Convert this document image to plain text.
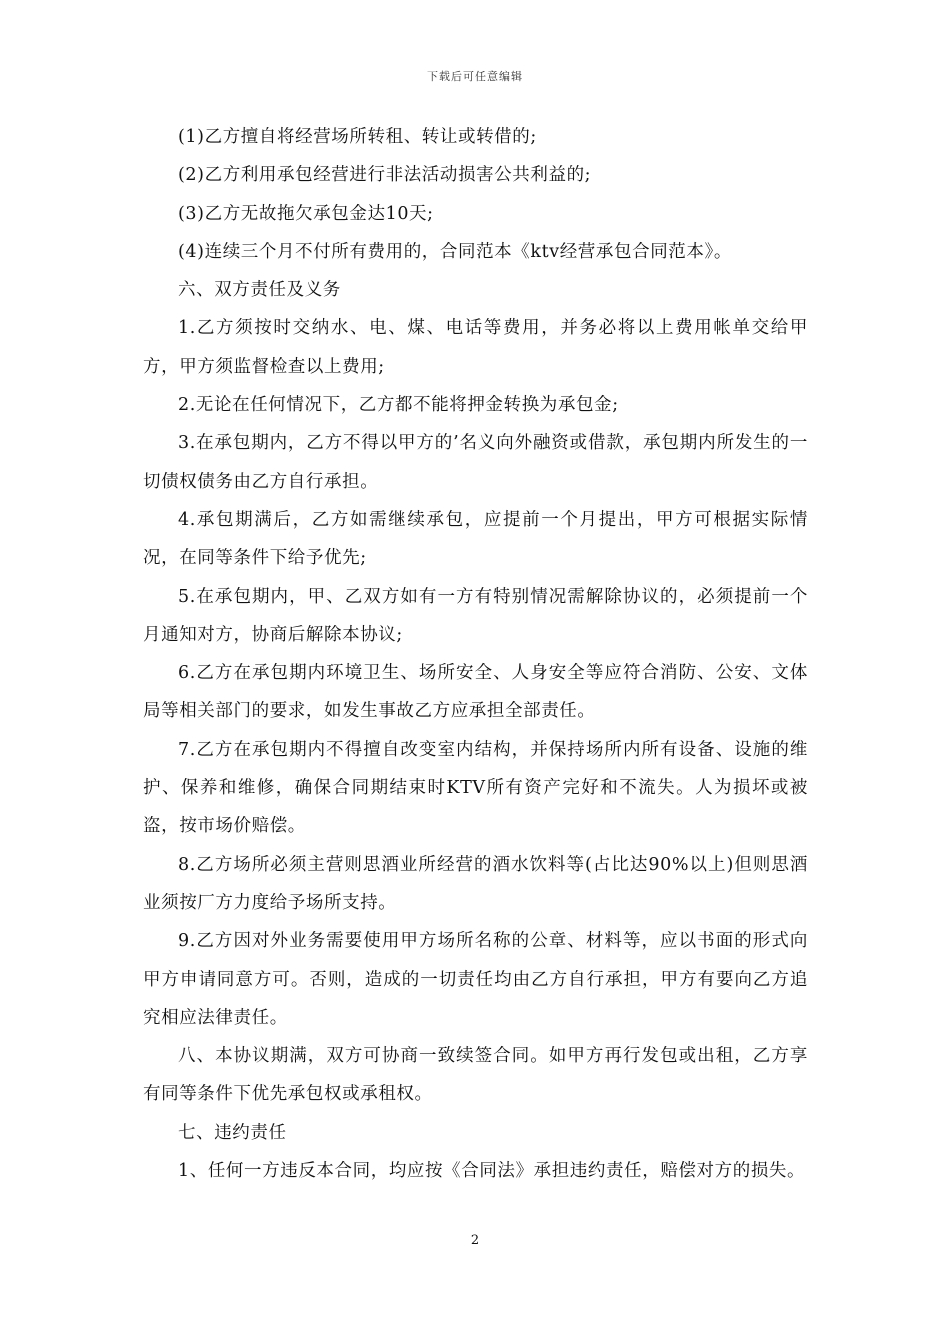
下载后可任意编辑

(1)乙方擅自将经营场所转租、转让或转借的;

(2)乙方利用承包经营进行非法活动损害公共利益的;

(3)乙方无故拖欠承包金达10天;

(4)连续三个月不付所有费用的，合同范本《ktv经营承包合同范本》。

六、双方责任及义务

1.乙方须按时交纳水、电、煤、电话等费用，并务必将以上费用帐单交给甲方，甲方须监督检查以上费用;

2.无论在任何情况下，乙方都不能将押金转换为承包金;

3.在承包期内，乙方不得以甲方的’名义向外融资或借款，承包期内所发生的一切债权债务由乙方自行承担。

4.承包期满后，乙方如需继续承包，应提前一个月提出，甲方可根据实际情况，在同等条件下给予优先;

5.在承包期内，甲、乙双方如有一方有特别情况需解除协议的，必须提前一个月通知对方，协商后解除本协议;

6.乙方在承包期内环境卫生、场所安全、人身安全等应符合消防、公安、文体局等相关部门的要求，如发生事故乙方应承担全部责任。

7.乙方在承包期内不得擅自改变室内结构，并保持场所内所有设备、设施的维护、保养和维修，确保合同期结束时KTV所有资产完好和不流失。人为损坏或被盗，按市场价赔偿。

8.乙方场所必须主营则思酒业所经营的酒水饮料等(占比达90%以上)但则思酒业须按厂方力度给予场所支持。

9.乙方因对外业务需要使用甲方场所名称的公章、材料等，应以书面的形式向甲方申请同意方可。否则，造成的一切责任均由乙方自行承担，甲方有要向乙方追究相应法律责任。

八、本协议期满，双方可协商一致续签合同。如甲方再行发包或出租，乙方享有同等条件下优先承包权或承租权。

七、违约责任

1、任何一方违反本合同，均应按《合同法》承担违约责任，赔偿对方的损失。

2
